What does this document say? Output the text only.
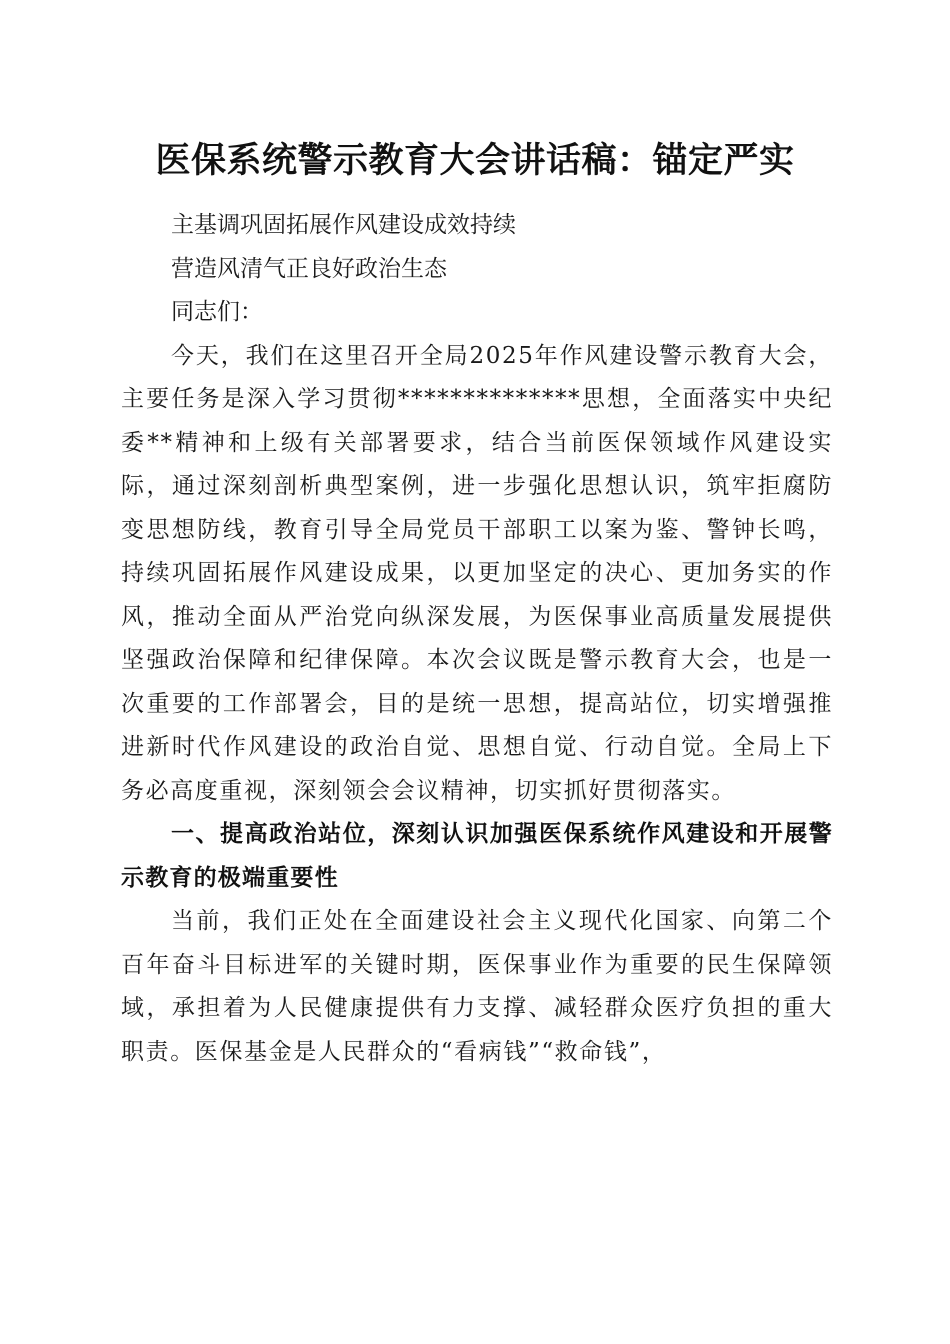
医保系统警示教育大会讲话稿：锚定严实

主基调巩固拓展作风建设成效持续

营造风清气正良好政治生态

同志们：

今天，我们在这里召开全局2025年作风建设警示教育大会，主要任务是深入学习贯彻**************思想，全面落实中央纪委**精神和上级有关部署要求，结合当前医保领域作风建设实际，通过深刻剖析典型案例，进一步强化思想认识，筑牢拒腐防变思想防线，教育引导全局党员干部职工以案为鉴、警钟长鸣，持续巩固拓展作风建设成果，以更加坚定的决心、更加务实的作风，推动全面从严治党向纵深发展，为医保事业高质量发展提供坚强政治保障和纪律保障。本次会议既是警示教育大会，也是一次重要的工作部署会，目的是统一思想，提高站位，切实增强推进新时代作风建设的政治自觉、思想自觉、行动自觉。全局上下务必高度重视，深刻领会会议精神，切实抓好贯彻落实。

一、提高政治站位，深刻认识加强医保系统作风建设和开展警示教育的极端重要性

当前，我们正处在全面建设社会主义现代化国家、向第二个百年奋斗目标进军的关键时期，医保事业作为重要的民生保障领域，承担着为人民健康提供有力支撑、减轻群众医疗负担的重大职责。医保基金是人民群众的“看病钱”“救命钱”，
